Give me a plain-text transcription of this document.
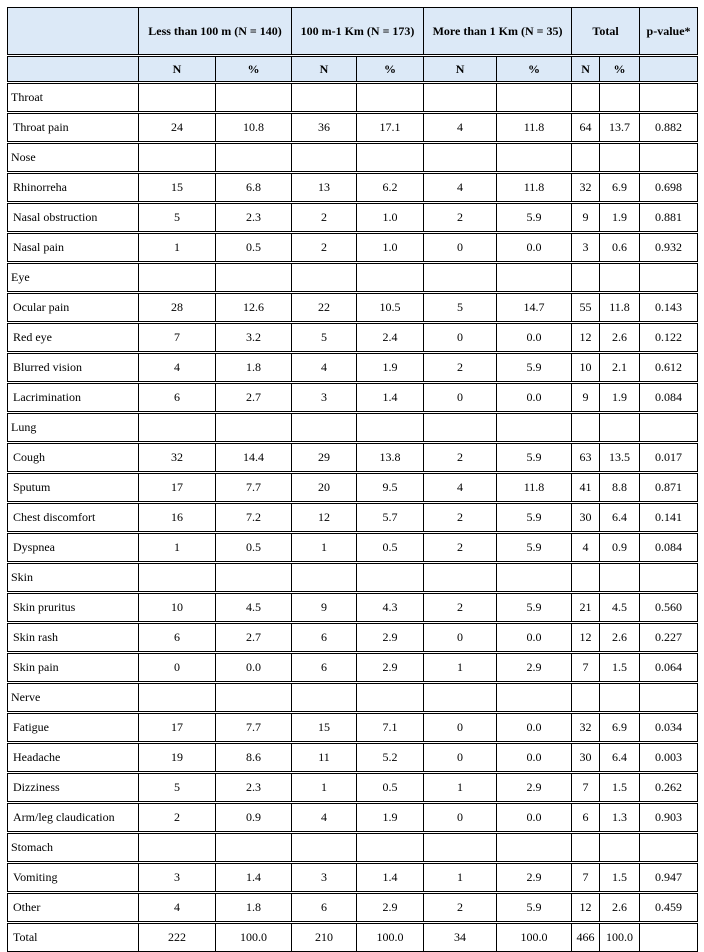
	Less than 100 m (N = 140)		100 m-1 Km (N = 173)		More than 1 Km (N = 35)		Total		p-value*
	N	%	N	%	N	%	N	%	
Throat									
Throat pain	24	10.8	36	17.1	4	11.8	64	13.7	0.882
Nose									
Rhinorreha	15	6.8	13	6.2	4	11.8	32	6.9	0.698
Nasal obstruction	5	2.3	2	1.0	2	5.9	9	1.9	0.881
Nasal pain	1	0.5	2	1.0	0	0.0	3	0.6	0.932
Eye									
Ocular pain	28	12.6	22	10.5	5	14.7	55	11.8	0.143
Red eye	7	3.2	5	2.4	0	0.0	12	2.6	0.122
Blurred vision	4	1.8	4	1.9	2	5.9	10	2.1	0.612
Lacrimination	6	2.7	3	1.4	0	0.0	9	1.9	0.084
Lung									
Cough	32	14.4	29	13.8	2	5.9	63	13.5	0.017
Sputum	17	7.7	20	9.5	4	11.8	41	8.8	0.871
Chest discomfort	16	7.2	12	5.7	2	5.9	30	6.4	0.141
Dyspnea	1	0.5	1	0.5	2	5.9	4	0.9	0.084
Skin									
Skin pruritus	10	4.5	9	4.3	2	5.9	21	4.5	0.560
Skin rash	6	2.7	6	2.9	0	0.0	12	2.6	0.227
Skin pain	0	0.0	6	2.9	1	2.9	7	1.5	0.064
Nerve									
Fatigue	17	7.7	15	7.1	0	0.0	32	6.9	0.034
Headache	19	8.6	11	5.2	0	0.0	30	6.4	0.003
Dizziness	5	2.3	1	0.5	1	2.9	7	1.5	0.262
Arm/leg claudication	2	0.9	4	1.9	0	0.0	6	1.3	0.903
Stomach									
Vomiting	3	1.4	3	1.4	1	2.9	7	1.5	0.947
Other	4	1.8	6	2.9	2	5.9	12	2.6	0.459
Total	222	100.0	210	100.0	34	100.0	466	100.0	
